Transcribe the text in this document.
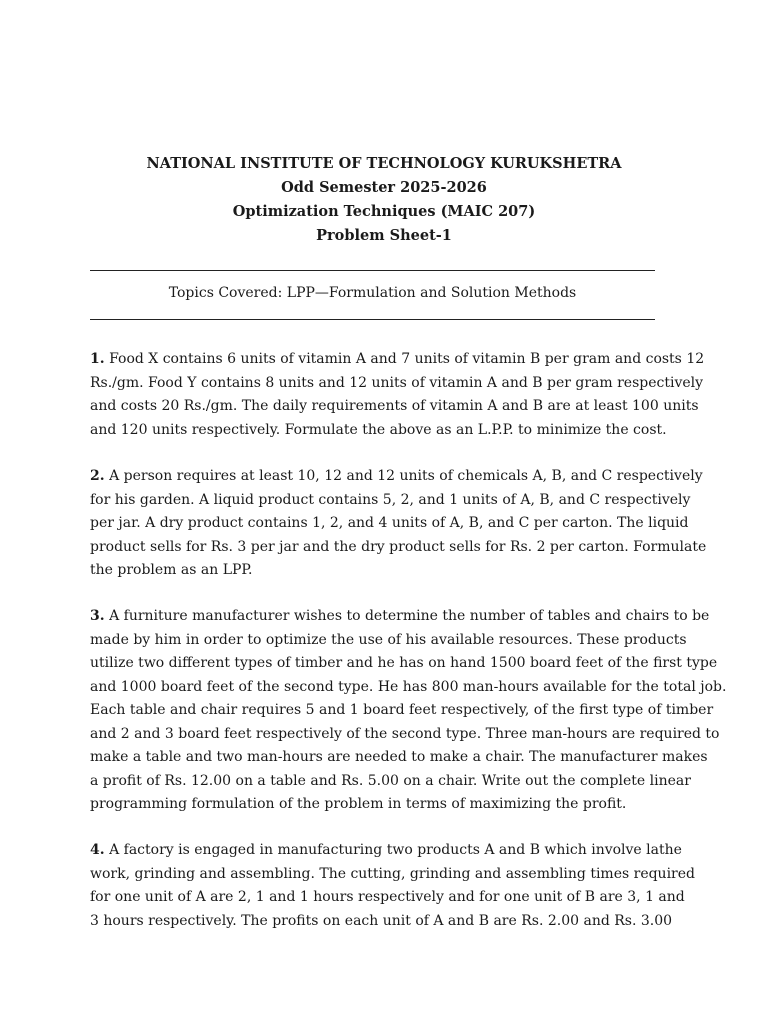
NATIONAL INSTITUTE OF TECHNOLOGY KURUKSHETRA
Odd Semester 2025-2026
Optimization Techniques (MAIC 207)
Problem Sheet-1
Topics Covered: LPP—Formulation and Solution Methods
1. Food X contains 6 units of vitamin A and 7 units of vitamin B per gram and costs 12
Rs./gm. Food Y contains 8 units and 12 units of vitamin A and B per gram respectively
and costs 20 Rs./gm. The daily requirements of vitamin A and B are at least 100 units
and 120 units respectively. Formulate the above as an L.P.P. to minimize the cost.
2. A person requires at least 10, 12 and 12 units of chemicals A, B, and C respectively
for his garden. A liquid product contains 5, 2, and 1 units of A, B, and C respectively
per jar. A dry product contains 1, 2, and 4 units of A, B, and C per carton. The liquid
product sells for Rs. 3 per jar and the dry product sells for Rs. 2 per carton. Formulate
the problem as an LPP.
3. A furniture manufacturer wishes to determine the number of tables and chairs to be
made by him in order to optimize the use of his available resources. These products
utilize two different types of timber and he has on hand 1500 board feet of the first type
and 1000 board feet of the second type. He has 800 man-hours available for the total job.
Each table and chair requires 5 and 1 board feet respectively, of the first type of timber
and 2 and 3 board feet respectively of the second type. Three man-hours are required to
make a table and two man-hours are needed to make a chair. The manufacturer makes
a profit of Rs. 12.00 on a table and Rs. 5.00 on a chair. Write out the complete linear
programming formulation of the problem in terms of maximizing the profit.
4. A factory is engaged in manufacturing two products A and B which involve lathe
work, grinding and assembling. The cutting, grinding and assembling times required
for one unit of A are 2, 1 and 1 hours respectively and for one unit of B are 3, 1 and
3 hours respectively. The profits on each unit of A and B are Rs. 2.00 and Rs. 3.00
